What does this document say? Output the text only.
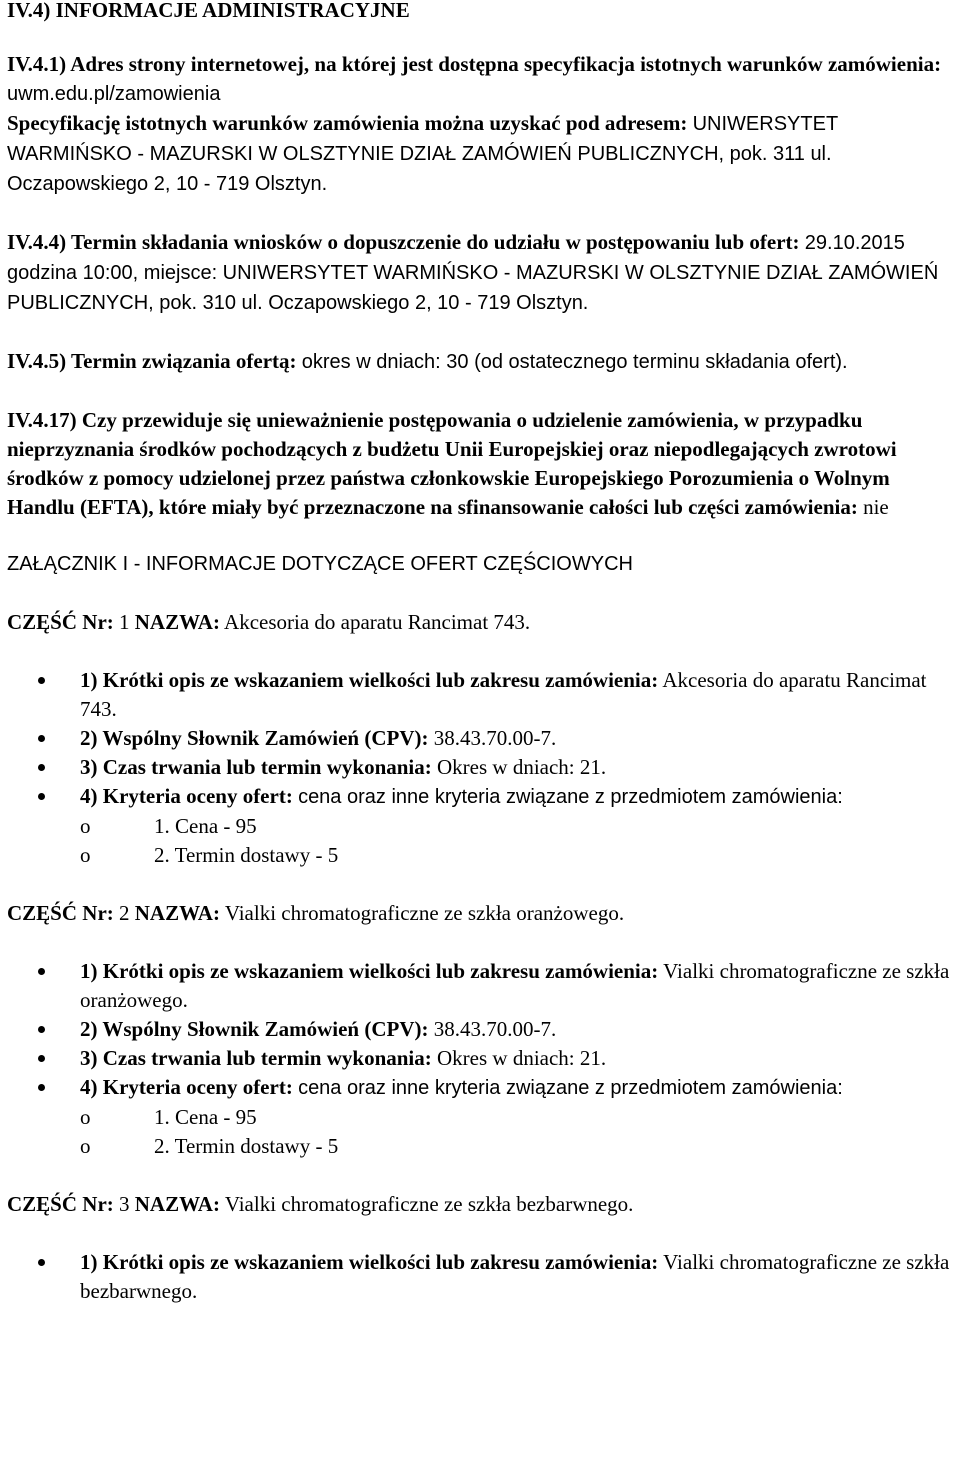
IV.4) INFORMACJE ADMINISTRACYJNE

IV.4.1) Adres strony internetowej, na której jest dostępna specyfikacja istotnych warunków zamówienia: uwm.edu.pl/zamowienia

Specyfikację istotnych warunków zamówienia można uzyskać pod adresem: UNIWERSYTET WARMIŃSKO - MAZURSKI W OLSZTYNIE DZIAŁ ZAMÓWIEŃ PUBLICZNYCH, pok. 311 ul. Oczapowskiego 2, 10 - 719 Olsztyn.

IV.4.4) Termin składania wniosków o dopuszczenie do udziału w postępowaniu lub ofert: 29.10.2015 godzina 10:00, miejsce: UNIWERSYTET WARMIŃSKO - MAZURSKI W OLSZTYNIE DZIAŁ ZAMÓWIEŃ PUBLICZNYCH, pok. 310 ul. Oczapowskiego 2, 10 - 719 Olsztyn.

IV.4.5) Termin związania ofertą: okres w dniach: 30 (od ostatecznego terminu składania ofert).

IV.4.17) Czy przewiduje się unieważnienie postępowania o udzielenie zamówienia, w przypadku nieprzyznania środków pochodzących z budżetu Unii Europejskiej oraz niepodlegających zwrotowi środków z pomocy udzielonej przez państwa członkowskie Europejskiego Porozumienia o Wolnym Handlu (EFTA), które miały być przeznaczone na sfinansowanie całości lub części zamówienia: nie

ZAŁĄCZNIK I - INFORMACJE DOTYCZĄCE OFERT CZĘŚCIOWYCH

CZĘŚĆ Nr: 1 NAZWA: Akcesoria do aparatu Rancimat 743.

1) Krótki opis ze wskazaniem wielkości lub zakresu zamówienia: Akcesoria do aparatu Rancimat 743.
2) Wspólny Słownik Zamówień (CPV): 38.43.70.00-7.
3) Czas trwania lub termin wykonania: Okres w dniach: 21.
4) Kryteria oceny ofert: cena oraz inne kryteria związane z przedmiotem zamówienia:
o	1. Cena - 95
o	2. Termin dostawy - 5

CZĘŚĆ Nr: 2 NAZWA: Vialki chromatograficzne ze szkła oranżowego.

1) Krótki opis ze wskazaniem wielkości lub zakresu zamówienia: Vialki chromatograficzne ze szkła oranżowego.
2) Wspólny Słownik Zamówień (CPV): 38.43.70.00-7.
3) Czas trwania lub termin wykonania: Okres w dniach: 21.
4) Kryteria oceny ofert: cena oraz inne kryteria związane z przedmiotem zamówienia:
o	1. Cena - 95
o	2. Termin dostawy - 5

CZĘŚĆ Nr: 3 NAZWA: Vialki chromatograficzne ze szkła bezbarwnego.

1) Krótki opis ze wskazaniem wielkości lub zakresu zamówienia: Vialki chromatograficzne ze szkła bezbarwnego.
